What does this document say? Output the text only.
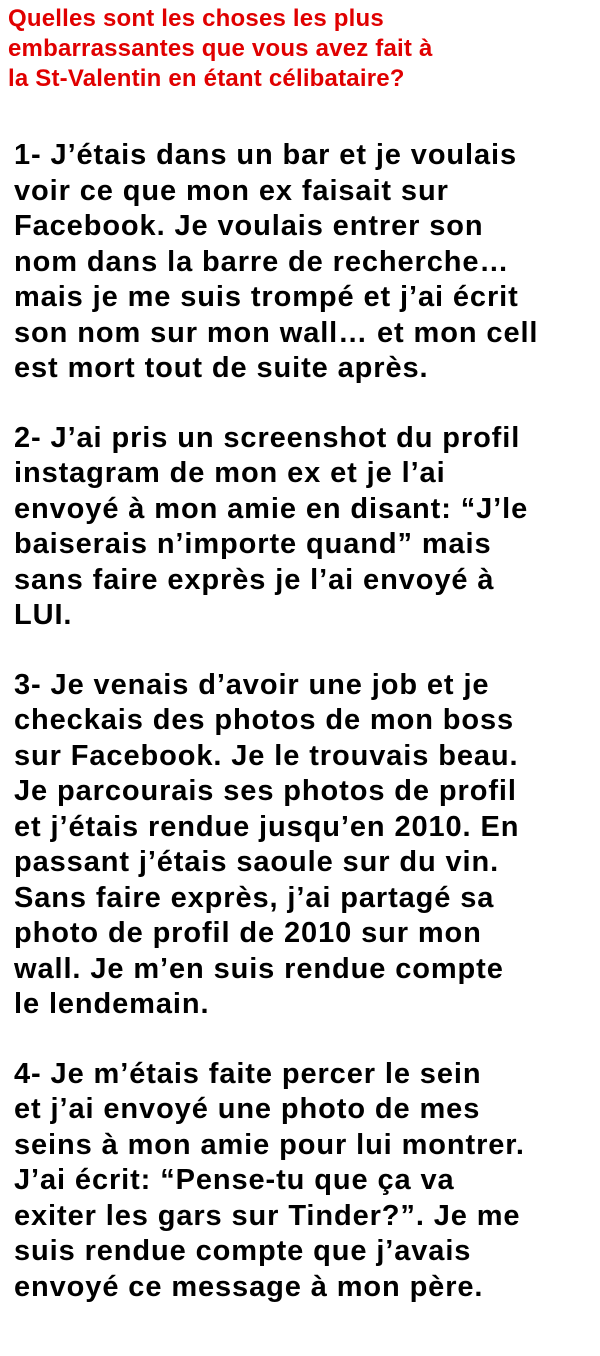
Quelles sont les choses les plus
embarrassantes que vous avez fait à
la St-Valentin en étant célibataire?
1- J’étais dans un bar et je voulais
voir ce que mon ex faisait sur
Facebook. Je voulais entrer son
nom dans la barre de recherche…
mais je me suis trompé et j’ai écrit
son nom sur mon wall… et mon cell
est mort tout de suite après.
2- J’ai pris un screenshot du profil
instagram de mon ex et je l’ai
envoyé à mon amie en disant: “J’le
baiserais n’importe quand” mais
sans faire exprès je l’ai envoyé à
LUI.
3- Je venais d’avoir une job et je
checkais des photos de mon boss
sur Facebook. Je le trouvais beau.
Je parcourais ses photos de profil
et j’étais rendue jusqu’en 2010. En
passant j’étais saoule sur du vin.
Sans faire exprès, j’ai partagé sa
photo de profil de 2010 sur mon
wall. Je m’en suis rendue compte
le lendemain.
4- Je m’étais faite percer le sein
et j’ai envoyé une photo de mes
seins à mon amie pour lui montrer.
J’ai écrit: “Pense-tu que ça va
exiter les gars sur Tinder?”. Je me
suis rendue compte que j’avais
envoyé ce message à mon père.
